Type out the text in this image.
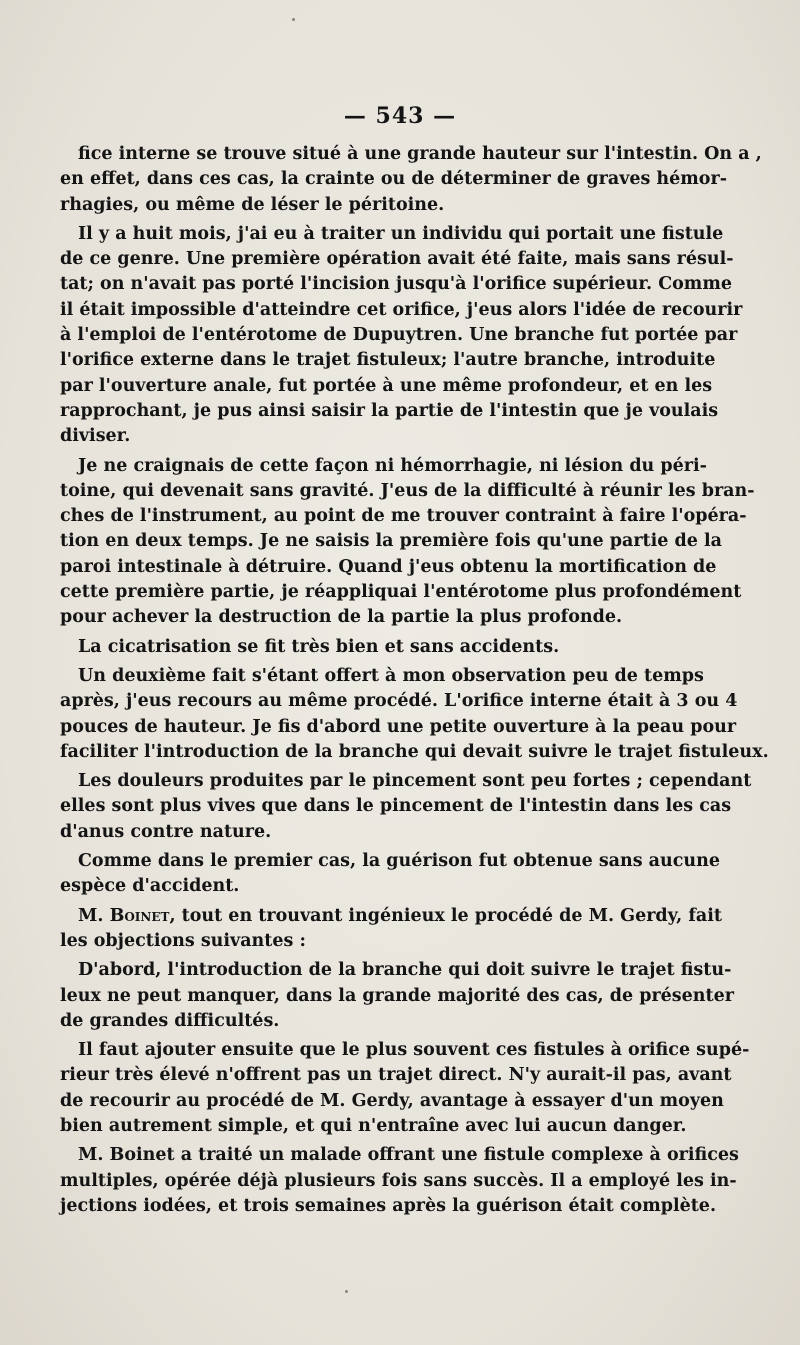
— 543 —
fice interne se trouve situé à une grande hauteur sur l'intestin. On a ,
en effet, dans ces cas, la crainte ou de déterminer de graves hémor-
rhagies, ou même de léser le péritoine.
Il y a huit mois, j'ai eu à traiter un individu qui portait une fistule
de ce genre. Une première opération avait été faite, mais sans résul-
tat; on n'avait pas porté l'incision jusqu'à l'orifice supérieur. Comme
il était impossible d'atteindre cet orifice, j'eus alors l'idée de recourir
à l'emploi de l'entérotome de Dupuytren. Une branche fut portée par
l'orifice externe dans le trajet fistuleux; l'autre branche, introduite
par l'ouverture anale, fut portée à une même profondeur, et en les
rapprochant, je pus ainsi saisir la partie de l'intestin que je voulais
diviser.
Je ne craignais de cette façon ni hémorrhagie, ni lésion du péri-
toine, qui devenait sans gravité. J'eus de la difficulté à réunir les bran-
ches de l'instrument, au point de me trouver contraint à faire l'opéra-
tion en deux temps. Je ne saisis la première fois qu'une partie de la
paroi intestinale à détruire. Quand j'eus obtenu la mortification de
cette première partie, je réappliquai l'entérotome plus profondément
pour achever la destruction de la partie la plus profonde.
La cicatrisation se fit très bien et sans accidents.
Un deuxième fait s'étant offert à mon observation peu de temps
après, j'eus recours au même procédé. L'orifice interne était à 3 ou 4
pouces de hauteur. Je fis d'abord une petite ouverture à la peau pour
faciliter l'introduction de la branche qui devait suivre le trajet fistuleux.
Les douleurs produites par le pincement sont peu fortes ; cependant
elles sont plus vives que dans le pincement de l'intestin dans les cas
d'anus contre nature.
Comme dans le premier cas, la guérison fut obtenue sans aucune
espèce d'accident.
M. Boinet, tout en trouvant ingénieux le procédé de M. Gerdy, fait
les objections suivantes :
D'abord, l'introduction de la branche qui doit suivre le trajet fistu-
leux ne peut manquer, dans la grande majorité des cas, de présenter
de grandes difficultés.
Il faut ajouter ensuite que le plus souvent ces fistules à orifice supé-
rieur très élevé n'offrent pas un trajet direct. N'y aurait-il pas, avant
de recourir au procédé de M. Gerdy, avantage à essayer d'un moyen
bien autrement simple, et qui n'entraîne avec lui aucun danger.
M. Boinet a traité un malade offrant une fistule complexe à orifices
multiples, opérée déjà plusieurs fois sans succès. Il a employé les in-
jections iodées, et trois semaines après la guérison était complète.
